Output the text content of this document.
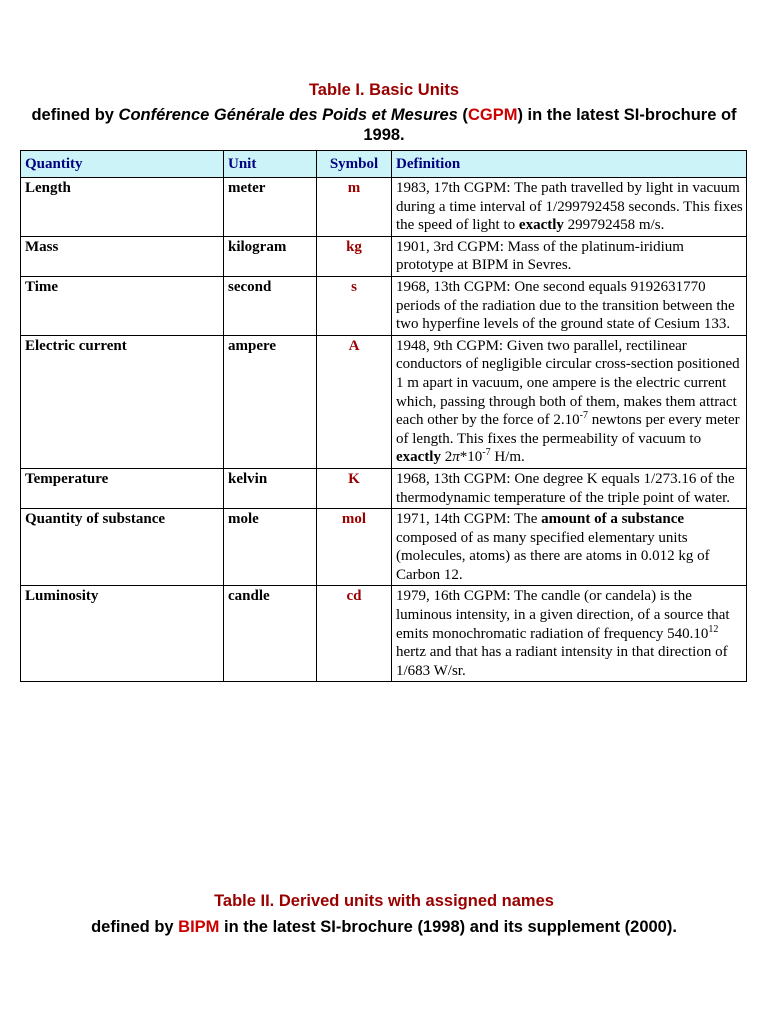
Table I. Basic Units

defined by Conférence Générale des Poids et Mesures (CGPM) in the latest SI-brochure of 1998.

Quantity	Unit	Symbol	Definition
Length	meter	m	1983, 17th CGPM: The path travelled by light in vacuum during a time interval of 1/299792458 seconds. This fixes the speed of light to exactly 299792458 m/s.
Mass	kilogram	kg	1901, 3rd CGPM: Mass of the platinum-iridium prototype at BIPM in Sevres.
Time	second	s	1968, 13th CGPM: One second equals 9192631770 periods of the radiation due to the transition between the two hyperfine levels of the ground state of Cesium 133.
Electric current	ampere	A	1948, 9th CGPM: Given two parallel, rectilinear conductors of negligible circular cross-section positioned 1 m apart in vacuum, one ampere is the electric current which, passing through both of them, makes them attract each other by the force of $2.10^{-7}$ newtons per every meter of length. This fixes the permeability of vacuum to exactly $2\pi*10^{-7}$ H/m.
Temperature	kelvin	K	1968, 13th CGPM: One degree K equals 1/273.16 of the thermodynamic temperature of the triple point of water.
Quantity of substance	mole	mol	1971, 14th CGPM: The amount of a substance composed of as many specified elementary units (molecules, atoms) as there are atoms in 0.012 kg of Carbon 12.
Luminosity	candle	cd	1979, 16th CGPM: The candle (or candela) is the luminous intensity, in a given direction, of a source that emits monochromatic radiation of frequency 540.10$^{12}$ hertz and that has a radiant intensity in that direction of 1/683 W/sr.
Table II. Derived units with assigned names

defined by BIPM in the latest SI-brochure (1998) and its supplement (2000).
